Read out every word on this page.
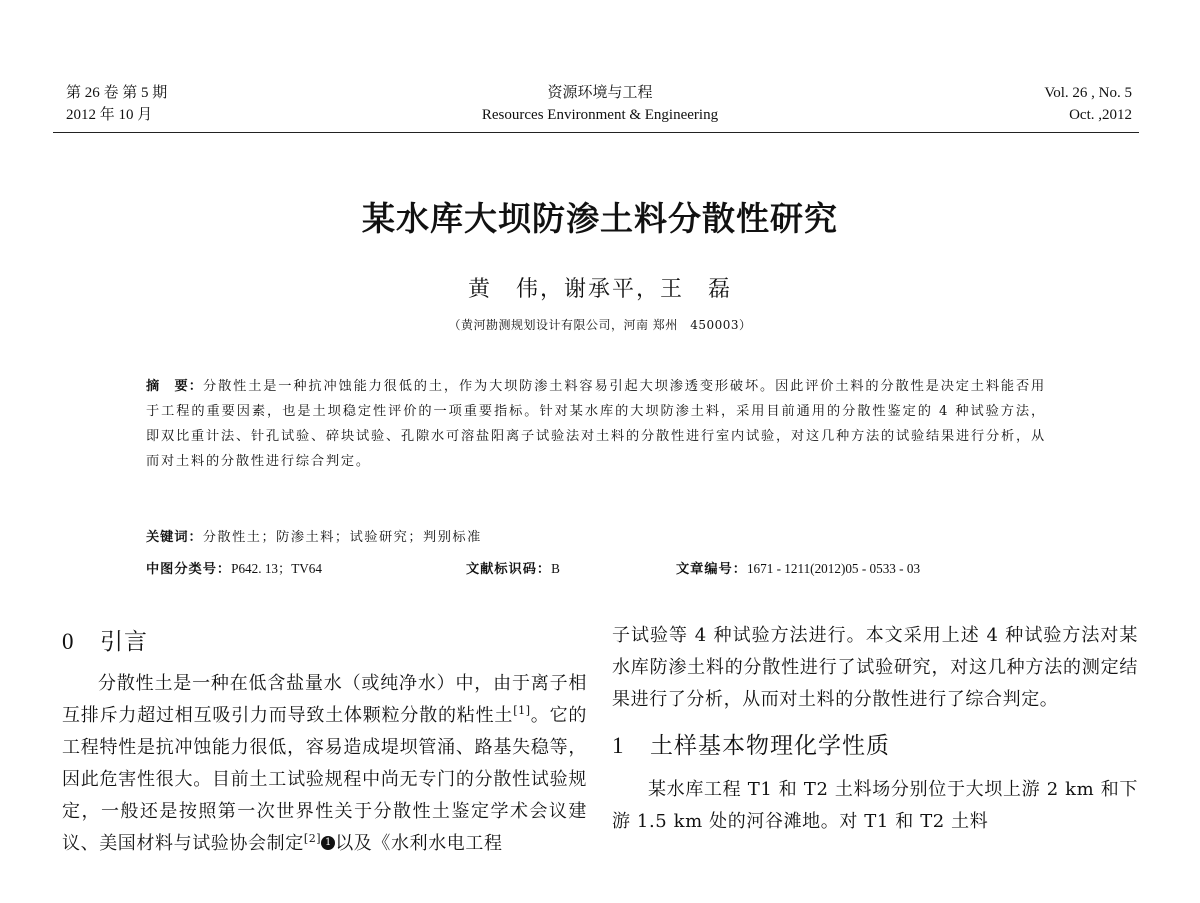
第 26 卷 第 5 期
2012 年 10 月
资源环境与工程
Resources Environment & Engineering
Vol. 26 , No. 5
Oct. ,2012
某水库大坝防渗土料分散性研究
黄　伟，谢承平，王　磊
（黄河勘测规划设计有限公司，河南 郑州　450003）
摘　要：分散性土是一种抗冲蚀能力很低的土，作为大坝防渗土料容易引起大坝渗透变形破坏。因此评价土料的分散性是决定土料能否用于工程的重要因素，也是土坝稳定性评价的一项重要指标。针对某水库的大坝防渗土料，采用目前通用的分散性鉴定的 4 种试验方法，即双比重计法、针孔试验、碎块试验、孔隙水可溶盐阳离子试验法对土料的分散性进行室内试验，对这几种方法的试验结果进行分析，从而对土料的分散性进行综合判定。
关键词：分散性土；防渗土料；试验研究；判别标准
中图分类号：P642. 13；TV64	文献标识码：B	文章编号：1671 - 1211(2012)05 - 0533 - 03
0 引言
分散性土是一种在低含盐量水（或纯净水）中，由于离子相互排斥力超过相互吸引力而导致土体颗粒分散的粘性土[1]。它的工程特性是抗冲蚀能力很低，容易造成堤坝管涌、路基失稳等，因此危害性很大。目前土工试验规程中尚无专门的分散性试验规定，一般还是按照第一次世界性关于分散性土鉴定学术会议建议、美国材料与试验协会制定[2] 1 以及《水利水电工程
子试验等 4 种试验方法进行。本文采用上述 4 种试验方法对某水库防渗土料的分散性进行了试验研究，对这几种方法的测定结果进行了分析，从而对土料的分散性进行了综合判定。
1 土样基本物理化学性质
某水库工程 T1 和 T2 土料场分别位于大坝上游 2 km 和下游 1.5 km 处的河谷滩地。对 T1 和 T2 土料
